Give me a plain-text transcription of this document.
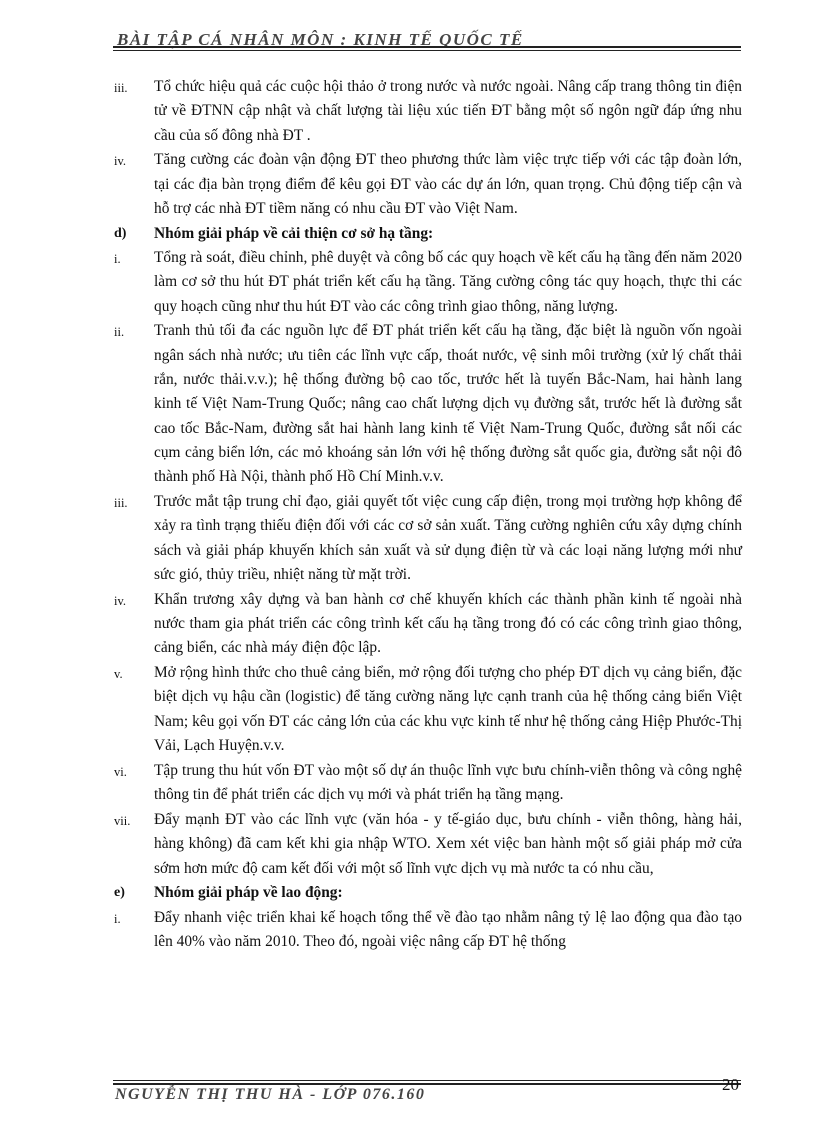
BÀI TẬP CÁ NHÂN MÔN : KINH TẾ QUỐC TẾ
iii.	Tổ chức hiệu quả các cuộc hội thảo ở trong nước và nước ngoài. Nâng cấp trang thông tin điện tử về ĐTNN cập nhật và chất lượng tài liệu xúc tiến ĐT bằng một số ngôn ngữ đáp ứng nhu cầu của số đông nhà ĐT .
iv.	Tăng cường các đoàn vận động ĐT theo phương thức làm việc trực tiếp với các tập đoàn lớn, tại các địa bàn trọng điểm để kêu gọi ĐT vào các dự án lớn, quan trọng. Chủ động tiếp cận và hỗ trợ các nhà ĐT tiềm năng có nhu cầu ĐT vào Việt Nam.
d)	Nhóm giải pháp về cải thiện cơ sở hạ tầng:
i.	Tổng rà soát, điều chỉnh, phê duyệt và công bố các quy hoạch về kết cấu hạ tầng đến năm 2020 làm cơ sở thu hút ĐT phát triển kết cấu hạ tầng. Tăng cường công tác quy hoạch, thực thi các quy hoạch cũng như thu hút ĐT vào các công trình giao thông, năng lượng.
ii.	Tranh thủ tối đa các nguồn lực để ĐT phát triển kết cấu hạ tầng, đặc biệt là nguồn vốn ngoài ngân sách nhà nước; ưu tiên các lĩnh vực cấp, thoát nước, vệ sinh môi trường (xử lý chất thải rắn, nước thải.v.v.); hệ thống đường bộ cao tốc, trước hết là tuyến Bắc-Nam, hai hành lang kinh tế Việt Nam-Trung Quốc; nâng cao chất lượng dịch vụ đường sắt, trước hết là đường sắt cao tốc Bắc-Nam, đường sắt hai hành lang kinh tế Việt Nam-Trung Quốc, đường sắt nối các cụm cảng biển lớn, các mỏ khoáng sản lớn với hệ thống đường sắt quốc gia, đường sắt nội đô thành phố Hà Nội, thành phố Hồ Chí Minh.v.v.
iii.	Trước mắt tập trung chỉ đạo, giải quyết tốt việc cung cấp điện, trong mọi trường hợp không để xảy ra tình trạng thiếu điện đối với các cơ sở sản xuất. Tăng cường nghiên cứu xây dựng chính sách và giải pháp khuyến khích sản xuất và sử dụng điện từ và các loại năng lượng mới như sức gió, thủy triều, nhiệt năng từ mặt trời.
iv.	Khẩn trương xây dựng và ban hành cơ chế khuyến khích các thành phần kinh tế ngoài nhà nước tham gia phát triển các công trình kết cấu hạ tầng trong đó có các công trình giao thông, cảng biển, các nhà máy điện độc lập.
v.	Mở rộng hình thức cho thuê cảng biển, mở rộng đối tượng cho phép ĐT dịch vụ cảng biển, đặc biệt dịch vụ hậu cần (logistic) để tăng cường năng lực cạnh tranh của hệ thống cảng biển Việt Nam; kêu gọi vốn ĐT các cảng lớn của các khu vực kinh tế như hệ thống cảng Hiệp Phước-Thị Vải, Lạch Huyện.v.v.
vi.	Tập trung thu hút vốn ĐT vào một số dự án thuộc lĩnh vực bưu chính-viễn thông và công nghệ thông tin để phát triển các dịch vụ mới và phát triển hạ tầng mạng.
vii.	Đẩy mạnh ĐT vào các lĩnh vực (văn hóa - y tế-giáo dục, bưu chính - viễn thông, hàng hải, hàng không) đã cam kết khi gia nhập WTO. Xem xét việc ban hành một số giải pháp mở cửa sớm hơn mức độ cam kết đối với một số lĩnh vực dịch vụ mà nước ta có nhu cầu,
e)	Nhóm giải pháp về lao động:
i.	Đẩy nhanh việc triển khai kế hoạch tổng thể về đào tạo nhằm nâng tỷ lệ lao động qua đào tạo lên 40% vào năm 2010. Theo đó, ngoài việc nâng cấp ĐT hệ thống
NGUYỄN THỊ THU HÀ - LỚP 076.160
20
